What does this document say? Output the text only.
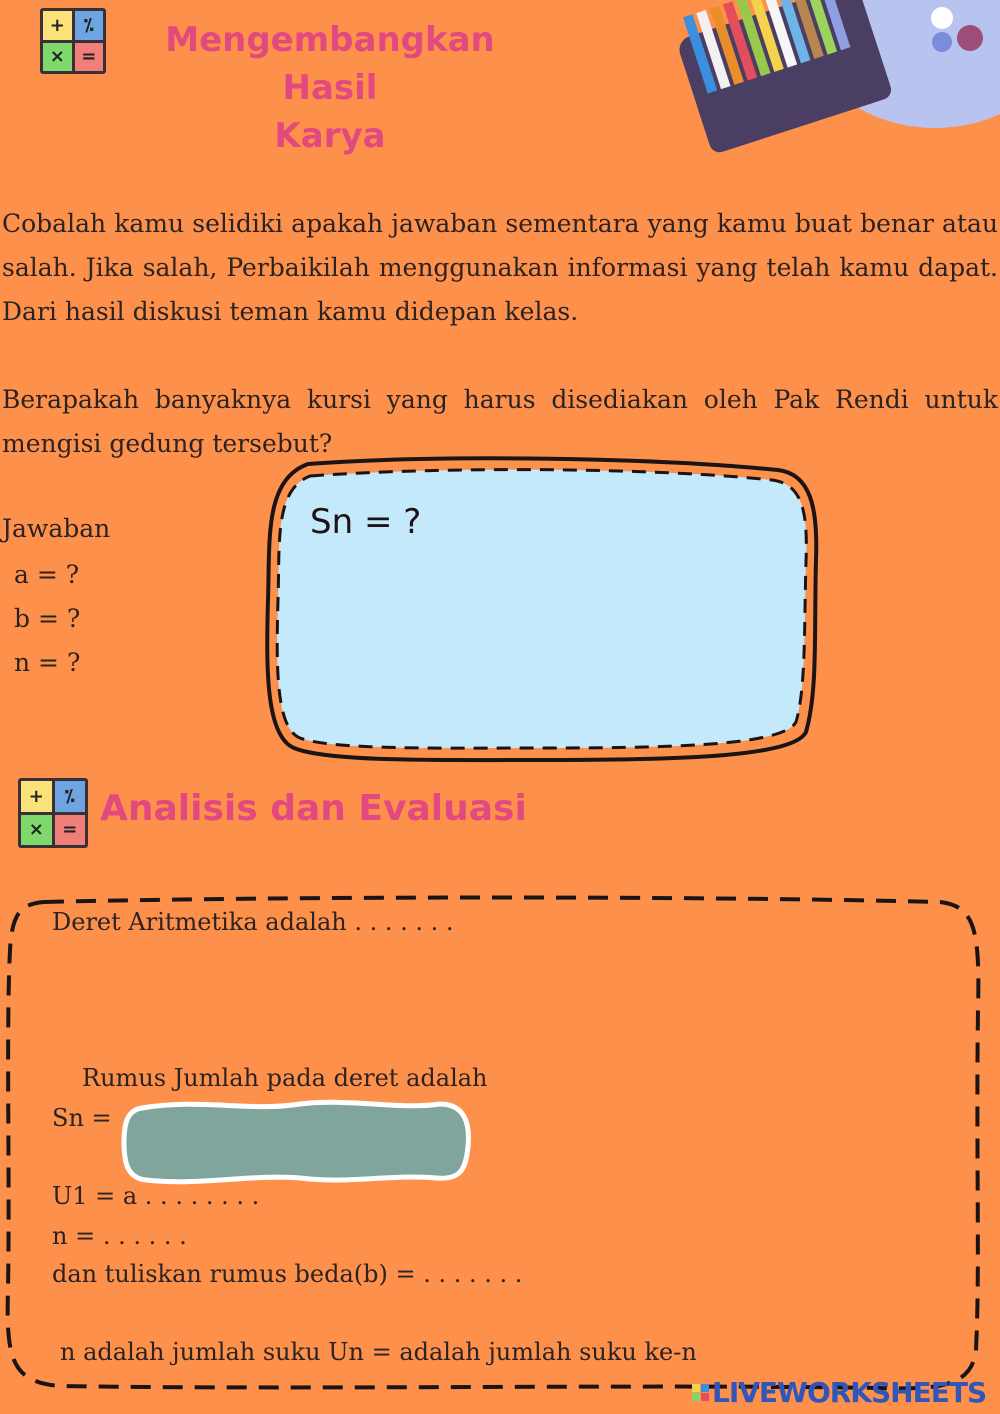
+	⁒
× =	Mengembangkan Hasil
Karya

Cobalah kamu selidiki apakah jawaban sementara yang kamu buat benar atau salah. Jika salah, Perbaikilah menggunakan informasi yang telah kamu dapat. Dari hasil diskusi teman kamu didepan kelas.

Berapakah banyaknya kursi yang harus disediakan oleh Pak Rendi untuk mengisi gedung tersebut?

Jawaban
a = ?
b = ?
n = ?
Sn = ?
+	⁒
×	=
Analisis dan Evaluasi
Deret Aritmetika adalah . . . . . . .
Rumus Jumlah pada deret adalah
Sn =
U1 = a . . . . . . . .
n = . . . . . .
dan tuliskan rumus beda(b) = . . . . . . .
n adalah jumlah suku Un = adalah jumlah suku ke-n
LIVEWORKSHEETS
